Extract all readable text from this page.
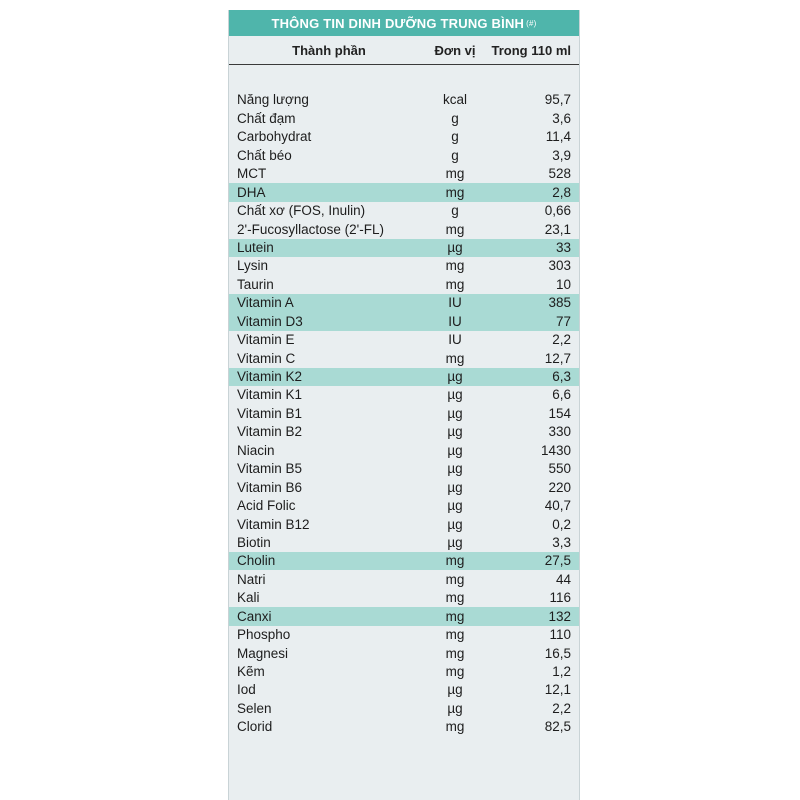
THÔNG TIN DINH DƯỠNG TRUNG BÌNH (#)
Thành phần	Đơn vị	Trong 110 ml
Năng lượng	kcal	95,7
Chất đạm	g	3,6
Carbohydrat	g	11,4
Chất béo	g	3,9
MCT	mg	528
DHA	mg	2,8
Chất xơ (FOS, Inulin)	g	0,66
2'-Fucosyllactose (2'-FL)	mg	23,1
Lutein	µg	33
Lysin	mg	303
Taurin	mg	10
Vitamin A	IU	385
Vitamin D3	IU	77
Vitamin E	IU	2,2
Vitamin C	mg	12,7
Vitamin K2	µg	6,3
Vitamin K1	µg	6,6
Vitamin B1	µg	154
Vitamin B2	µg	330
Niacin	µg	1430
Vitamin B5	µg	550
Vitamin B6	µg	220
Acid Folic	µg	40,7
Vitamin B12	µg	0,2
Biotin	µg	3,3
Cholin	mg	27,5
Natri	mg	44
Kali	mg	116
Canxi	mg	132
Phospho	mg	110
Magnesi	mg	16,5
Kẽm	mg	1,2
Iod	µg	12,1
Selen	µg	2,2
Clorid	mg	82,5
